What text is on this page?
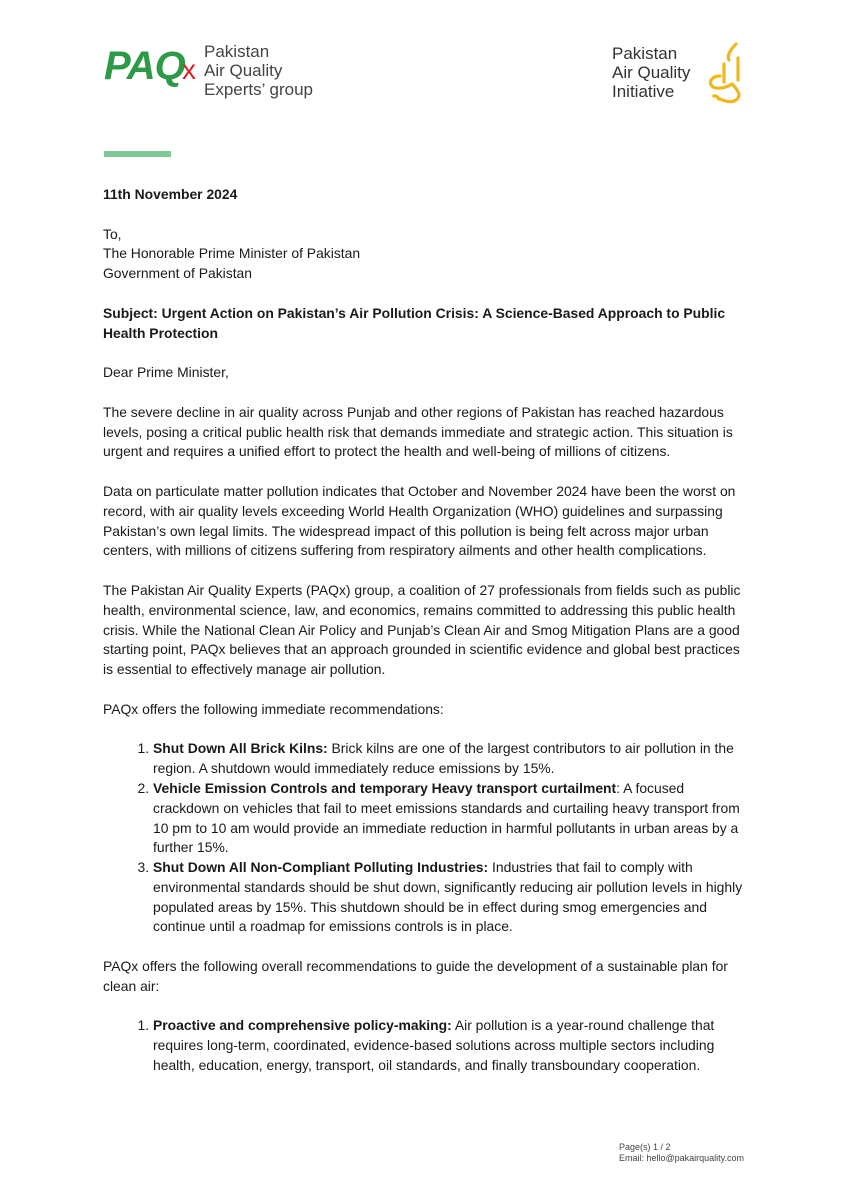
PAQ
x
Pakistan
Air Quality
Experts’ group
Pakistan
Air Quality
Initiative

11th November 2024

To,
The Honorable Prime Minister of Pakistan
Government of Pakistan

Subject: Urgent Action on Pakistan’s Air Pollution Crisis: A Science-Based Approach to Public Health Protection

Dear Prime Minister,

The severe decline in air quality across Punjab and other regions of Pakistan has reached hazardous levels, posing a critical public health risk that demands immediate and strategic action. This situation is urgent and requires a unified effort to protect the health and well-being of millions of citizens.

Data on particulate matter pollution indicates that October and November 2024 have been the worst on record, with air quality levels exceeding World Health Organization (WHO) guidelines and surpassing Pakistan’s own legal limits. The widespread impact of this pollution is being felt across major urban centers, with millions of citizens suffering from respiratory ailments and other health complications.

The Pakistan Air Quality Experts (PAQx) group, a coalition of 27 professionals from fields such as public health, environmental science, law, and economics, remains committed to addressing this public health crisis. While the National Clean Air Policy and Punjab’s Clean Air and Smog Mitigation Plans are a good starting point, PAQx believes that an approach grounded in scientific evidence and global best practices is essential to effectively manage air pollution.

PAQx offers the following immediate recommendations:

1. Shut Down All Brick Kilns: Brick kilns are one of the largest contributors to air pollution in the region. A shutdown would immediately reduce emissions by 15%.
2. Vehicle Emission Controls and temporary Heavy transport curtailment: A focused crackdown on vehicles that fail to meet emissions standards and curtailing heavy transport from 10 pm to 10 am would provide an immediate reduction in harmful pollutants in urban areas by a further 15%.
3. Shut Down All Non-Compliant Polluting Industries: Industries that fail to comply with environmental standards should be shut down, significantly reducing air pollution levels in highly populated areas by 15%. This shutdown should be in effect during smog emergencies and continue until a roadmap for emissions controls is in place.

PAQx offers the following overall recommendations to guide the development of a sustainable plan for clean air:

1. Proactive and comprehensive policy-making: Air pollution is a year-round challenge that requires long-term, coordinated, evidence-based solutions across multiple sectors including health, education, energy, transport, oil standards, and finally transboundary cooperation.
Page(s) 1 / 2
Email: hello@pakairquality.com
